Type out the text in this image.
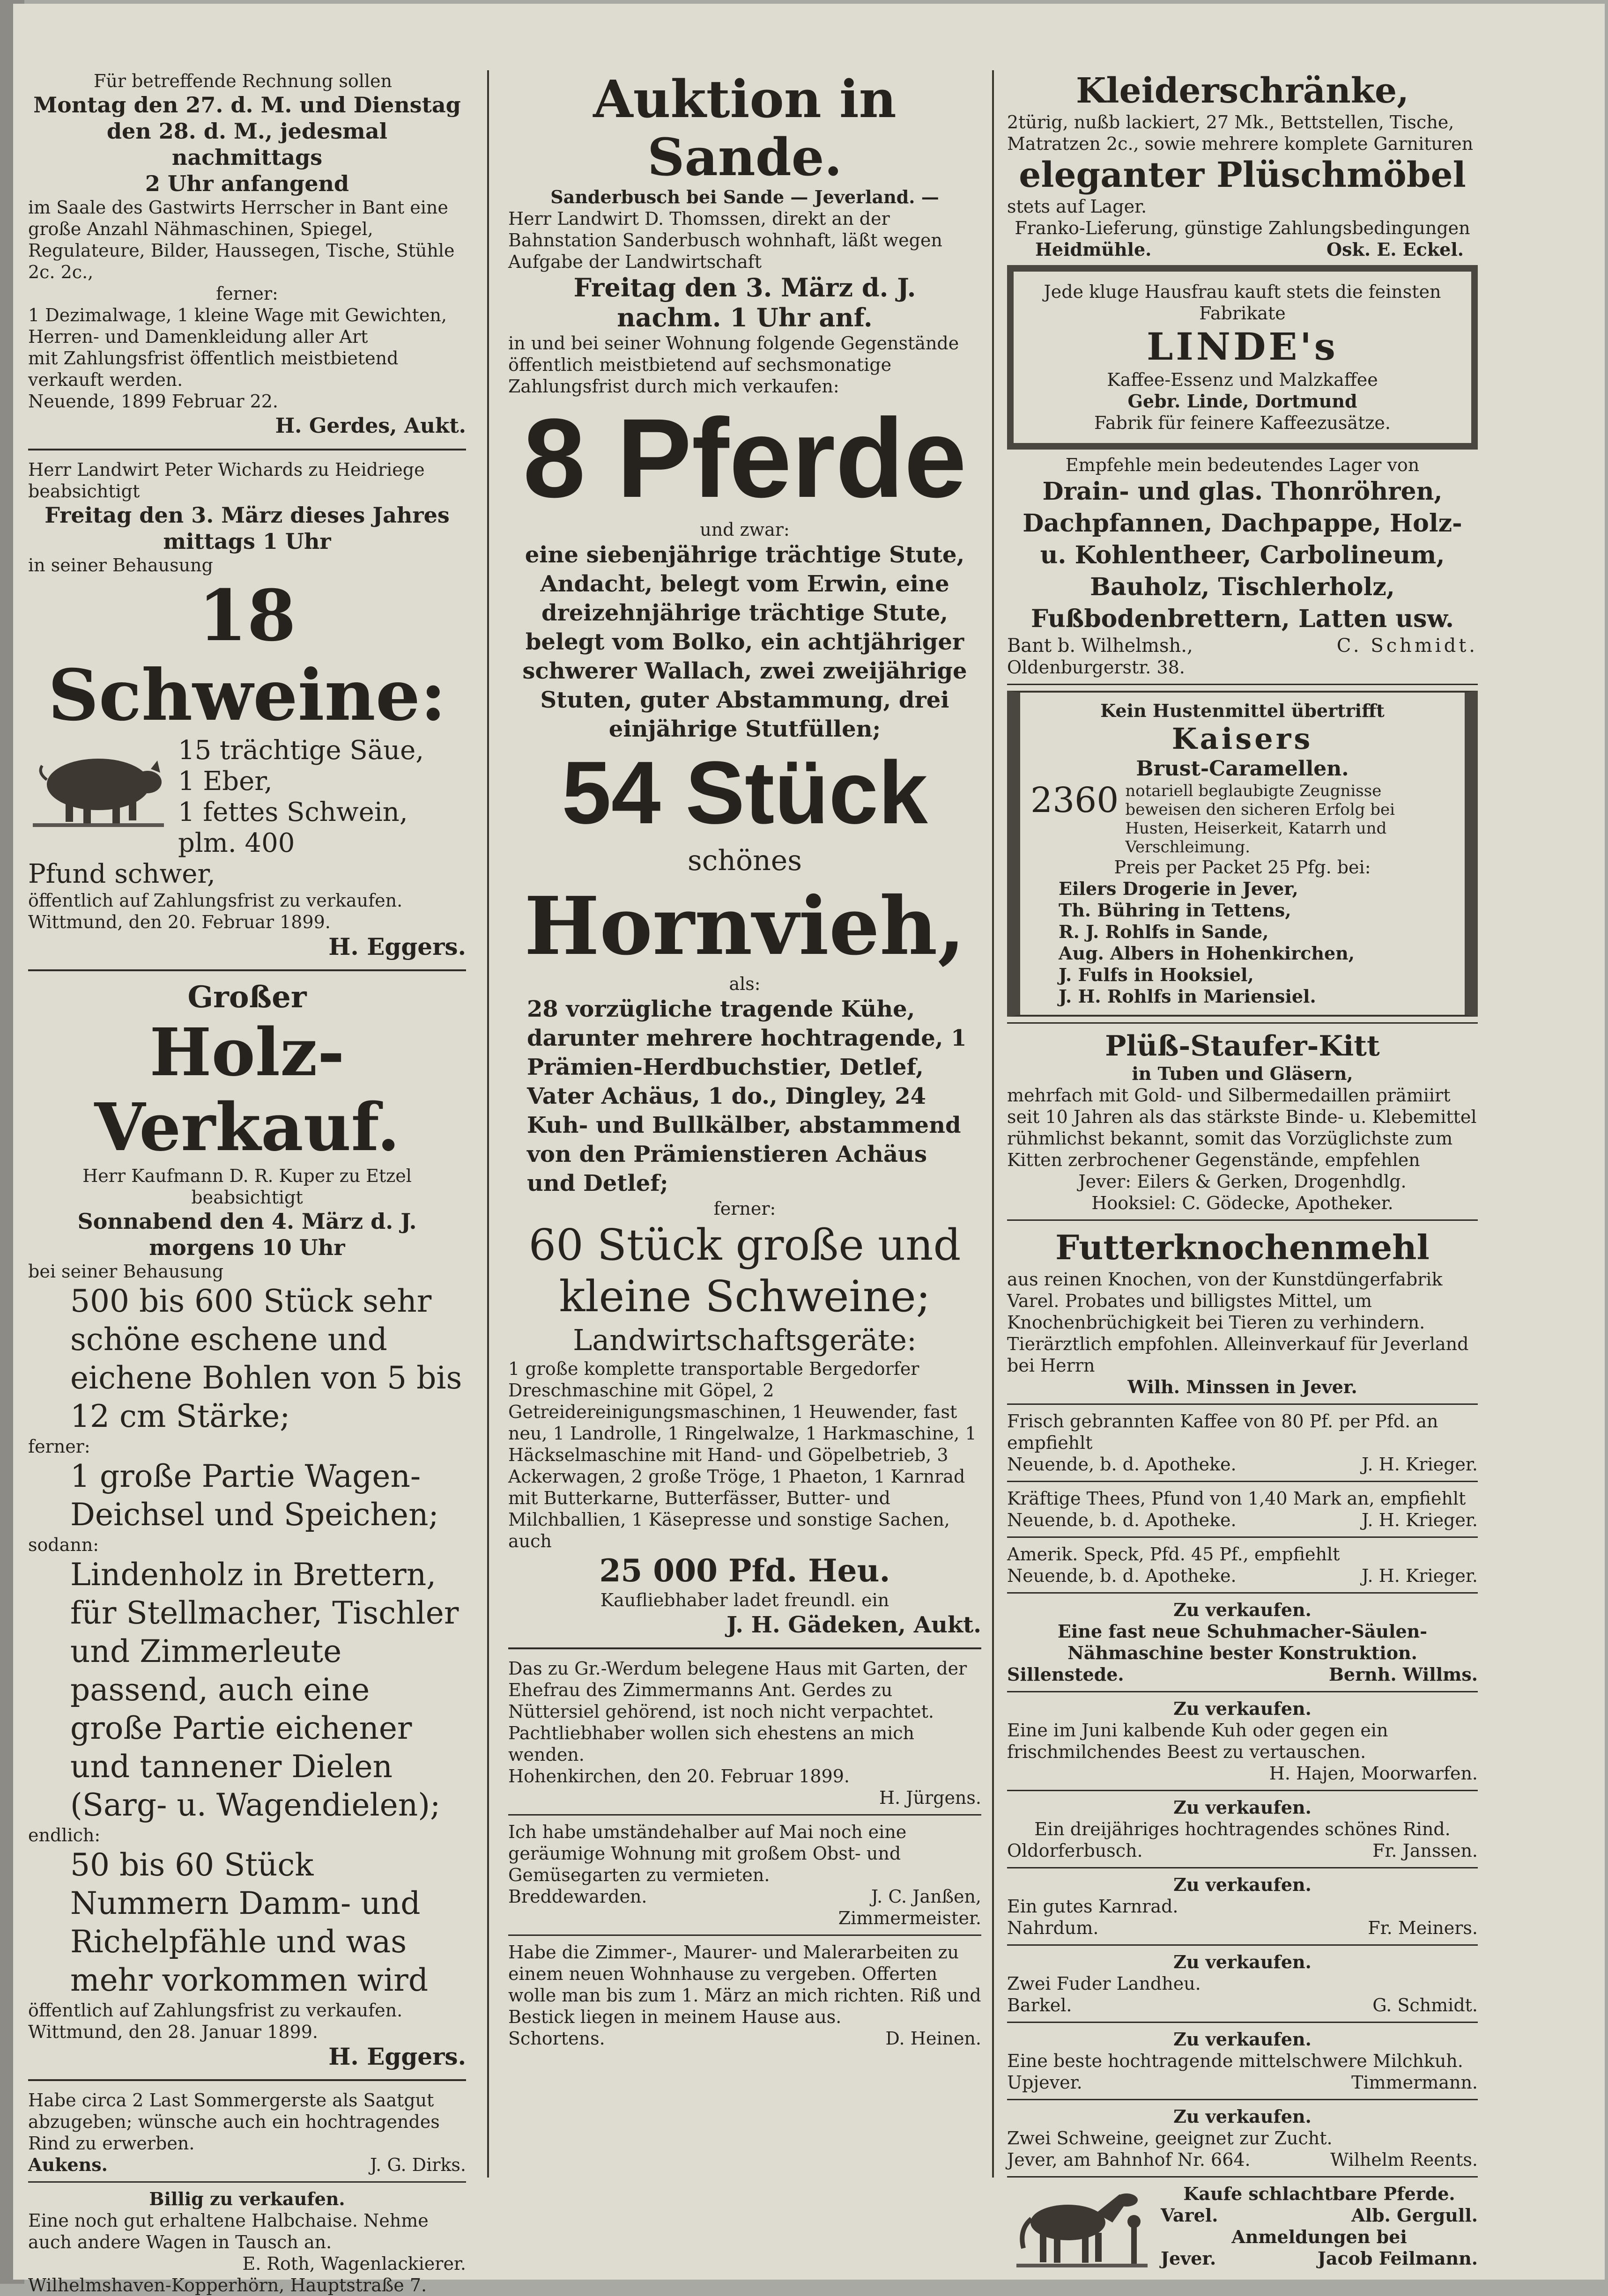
Für betreffende Rechnung sollen
Montag den 27. d. M. und Dienstag
den 28. d. M., jedesmal nachmittags
2 Uhr anfangend
im Saale des Gastwirts Herrscher in Bant eine große Anzahl Nähmaschinen, Spiegel, Regulateure, Bilder, Haussegen, Tische, Stühle 2c. 2c.,
ferner:
1 Dezimalwage, 1 kleine Wage mit Gewichten, Herren- und Damenkleidung aller Art
mit Zahlungsfrist öffentlich meistbietend verkauft werden.
Neuende, 1899 Februar 22.
H. Gerdes, Aukt.
Herr Landwirt Peter Wichards zu Heidriege beabsichtigt
Freitag den 3. März dieses Jahres
mittags 1 Uhr
in seiner Behausung
18 Schweine:
15 trächtige Säue,
1 Eber,
1 fettes Schwein, plm. 400
Pfund schwer,
öffentlich auf Zahlungsfrist zu verkaufen.
Wittmund, den 20. Februar 1899.
H. Eggers.
Großer
Holz-Verkauf.
Herr Kaufmann D. R. Kuper zu Etzel beabsichtigt
Sonnabend den 4. März d. J.
morgens 10 Uhr
bei seiner Behausung
500 bis 600 Stück sehr schöne eschene und eichene Bohlen von 5 bis 12 cm Stärke;
ferner:
1 große Partie Wagen-Deichsel und Speichen;
sodann:
Lindenholz in Brettern, für Stellmacher, Tischler und Zimmerleute passend, auch eine große Partie eichener und tannener Dielen (Sarg- u. Wagendielen);
endlich:
50 bis 60 Stück Nummern Damm- und Richelpfähle und was mehr vorkommen wird
öffentlich auf Zahlungsfrist zu verkaufen.
Wittmund, den 28. Januar 1899.
H. Eggers.
Habe circa 2 Last Sommergerste als Saatgut abzugeben; wünsche auch ein hochtragendes Rind zu erwerben.
Aukens.	J. G. Dirks.
Billig zu verkaufen.
Eine noch gut erhaltene Halbchaise. Nehme auch andere Wagen in Tausch an.
E. Roth, Wagenlackierer.
Wilhelmshaven-Kopperhörn, Hauptstraße 7.
Auktion in Sande.
Sanderbusch bei Sande — Jeverland. —
Herr Landwirt D. Thomssen, direkt an der Bahnstation Sanderbusch wohnhaft, läßt wegen Aufgabe der Landwirtschaft
Freitag den 3. März d. J.
nachm. 1 Uhr anf.
in und bei seiner Wohnung folgende Gegenstände öffentlich meistbietend auf sechsmonatige Zahlungsfrist durch mich verkaufen:
8 Pferde
und zwar:
eine siebenjährige trächtige Stute, Andacht, belegt vom Erwin, eine dreizehnjährige trächtige Stute, belegt vom Bolko, ein achtjähriger schwerer Wallach, zwei zweijährige Stuten, guter Abstammung, drei einjährige Stutfüllen;
54 Stück
schönes
Hornvieh,
als:
28 vorzügliche tragende Kühe, darunter mehrere hochtragende, 1 Prämien-Herdbuchstier, Detlef, Vater Achäus, 1 do., Dingley, 24 Kuh- und Bullkälber, abstammend von den Prämienstieren Achäus und Detlef;
ferner:
60 Stück große und kleine Schweine;
Landwirtschaftsgeräte:
1 große komplette transportable Bergedorfer Dreschmaschine mit Göpel, 2 Getreidereinigungsmaschinen, 1 Heuwender, fast neu, 1 Landrolle, 1 Ringelwalze, 1 Harkmaschine, 1 Häckselmaschine mit Hand- und Göpelbetrieb, 3 Ackerwagen, 2 große Tröge, 1 Phaeton, 1 Karnrad mit Butterkarne, Butterfässer, Butter- und Milchballien, 1 Käsepresse und sonstige Sachen, auch
25 000 Pfd. Heu.
Kaufliebhaber ladet freundl. ein
J. H. Gädeken, Aukt.
Das zu Gr.-Werdum belegene Haus mit Garten, der Ehefrau des Zimmermanns Ant. Gerdes zu Nüttersiel gehörend, ist noch nicht verpachtet. Pachtliebhaber wollen sich ehestens an mich wenden.
Hohenkirchen, den 20. Februar 1899.
H. Jürgens.
Ich habe umständehalber auf Mai noch eine geräumige Wohnung mit großem Obst- und Gemüsegarten zu vermieten.
Breddewarden.	J. C. Janßen,
Zimmermeister.
Habe die Zimmer-, Maurer- und Malerarbeiten zu einem neuen Wohnhause zu vergeben. Offerten wolle man bis zum 1. März an mich richten. Riß und Bestick liegen in meinem Hause aus.
Schortens.	D. Heinen.
Kleiderschränke,
2türig, nußb lackiert, 27 Mk., Bettstellen, Tische, Matratzen 2c., sowie mehrere komplete Garnituren
eleganter Plüschmöbel
stets auf Lager.
Franko-Lieferung, günstige Zahlungsbedingungen
Heidmühle.	Osk. E. Eckel.
Jede kluge Hausfrau kauft stets die feinsten Fabrikate
LINDE's
Kaffee-Essenz und Malzkaffee
Gebr. Linde, Dortmund
Fabrik für feinere Kaffeezusätze.
Empfehle mein bedeutendes Lager von
Drain- und glas. Thonröhren, Dachpfannen, Dachpappe, Holz- u. Kohlentheer, Carbolineum, Bauholz, Tischlerholz, Fußbodenbrettern, Latten usw.
Bant b. Wilhelmsh.,	C. Schmidt.
Oldenburgerstr. 38.
Kein Hustenmittel übertrifft
Kaisers
Brust-Caramellen.
2360 notariell beglaubigte Zeugnisse beweisen den sicheren Erfolg bei Husten, Heiserkeit, Katarrh und Verschleimung.
Preis per Packet 25 Pfg. bei:
Eilers Drogerie in Jever,
Th. Bühring in Tettens,
R. J. Rohlfs in Sande,
Aug. Albers in Hohenkirchen,
J. Fulfs in Hooksiel,
J. H. Rohlfs in Mariensiel.
Plüß-Staufer-Kitt
in Tuben und Gläsern,
mehrfach mit Gold- und Silbermedaillen prämiirt seit 10 Jahren als das stärkste Binde- u. Klebemittel rühmlichst bekannt, somit das Vorzüglichste zum Kitten zerbrochener Gegenstände, empfehlen
Jever: Eilers & Gerken, Drogenhdlg.
Hooksiel: C. Gödecke, Apotheker.
Futterknochenmehl
aus reinen Knochen, von der Kunstdüngerfabrik Varel. Probates und billigstes Mittel, um Knochenbrüchigkeit bei Tieren zu verhindern. Tierärztlich empfohlen. Alleinverkauf für Jeverland bei Herrn
Wilh. Minssen in Jever.
Frisch gebrannten Kaffee von 80 Pf. per Pfd. an empfiehlt
Neuende, b. d. Apotheke.	J. H. Krieger.
Kräftige Thees, Pfund von 1,40 Mark an, empfiehlt
Neuende, b. d. Apotheke.	J. H. Krieger.
Amerik. Speck, Pfd. 45 Pf., empfiehlt
Neuende, b. d. Apotheke.	J. H. Krieger.
Zu verkaufen.
Eine fast neue Schuhmacher-Säulen-Nähmaschine bester Konstruktion.
Sillenstede.	Bernh. Willms.
Zu verkaufen.
Eine im Juni kalbende Kuh oder gegen ein frischmilchendes Beest zu vertauschen.
H. Hajen, Moorwarfen.
Zu verkaufen.
Ein dreijähriges hochtragendes schönes Rind.
Oldorferbusch.	Fr. Janssen.
Zu verkaufen.
Ein gutes Karnrad.
Nahrdum.	Fr. Meiners.
Zu verkaufen.
Zwei Fuder Landheu.
Barkel.	G. Schmidt.
Zu verkaufen.
Eine beste hochtragende mittelschwere Milchkuh.
Upjever.	Timmermann.
Zu verkaufen.
Zwei Schweine, geeignet zur Zucht.
Jever, am Bahnhof Nr. 664.	Wilhelm Reents.
Kaufe schlachtbare Pferde.
Varel.	Alb. Gergull.
Anmeldungen bei
Jever.	Jacob Feilmann.
